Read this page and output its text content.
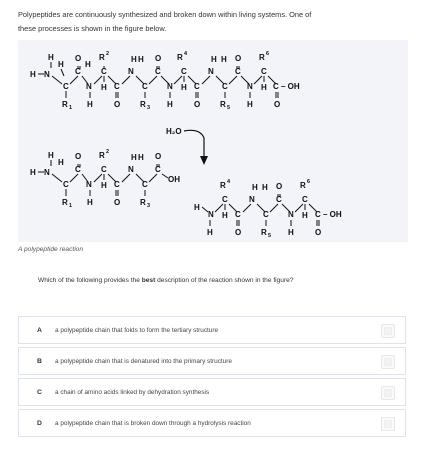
Polypeptides are continuously synthesized and broken down within living systems. One of
these processes is shown in the figure below.
H
H N
H
C
R 1
C
O
H
N
H
C
R 2
H C
O
N
H
C
H
R 3
C
O
N
H
C
R 4
H C
O
N
H
C
H
R 5
C
O
N
H
C
R 6
H C – OH
O
H₂O
H
H N
H
C
R 1
C
O
N
H
C
R 2
H C
O
N
H
C
H
R 3
C
O
OH
H
N
H
C
R 4
H C
O
N
H
C
H
R 5
C
O
N
H
C
R 6
H C – OH
O
A polypeptide reaction
Which of the following provides the best description of the reaction shown in the figure?
A a polypeptide chain that folds to form the tertiary structure
B a polypeptide chain that is denatured into the primary structure
C a chain of amino acids linked by dehydration synthesis
D a polypeptide chain that is broken down through a hydrolysis reaction
